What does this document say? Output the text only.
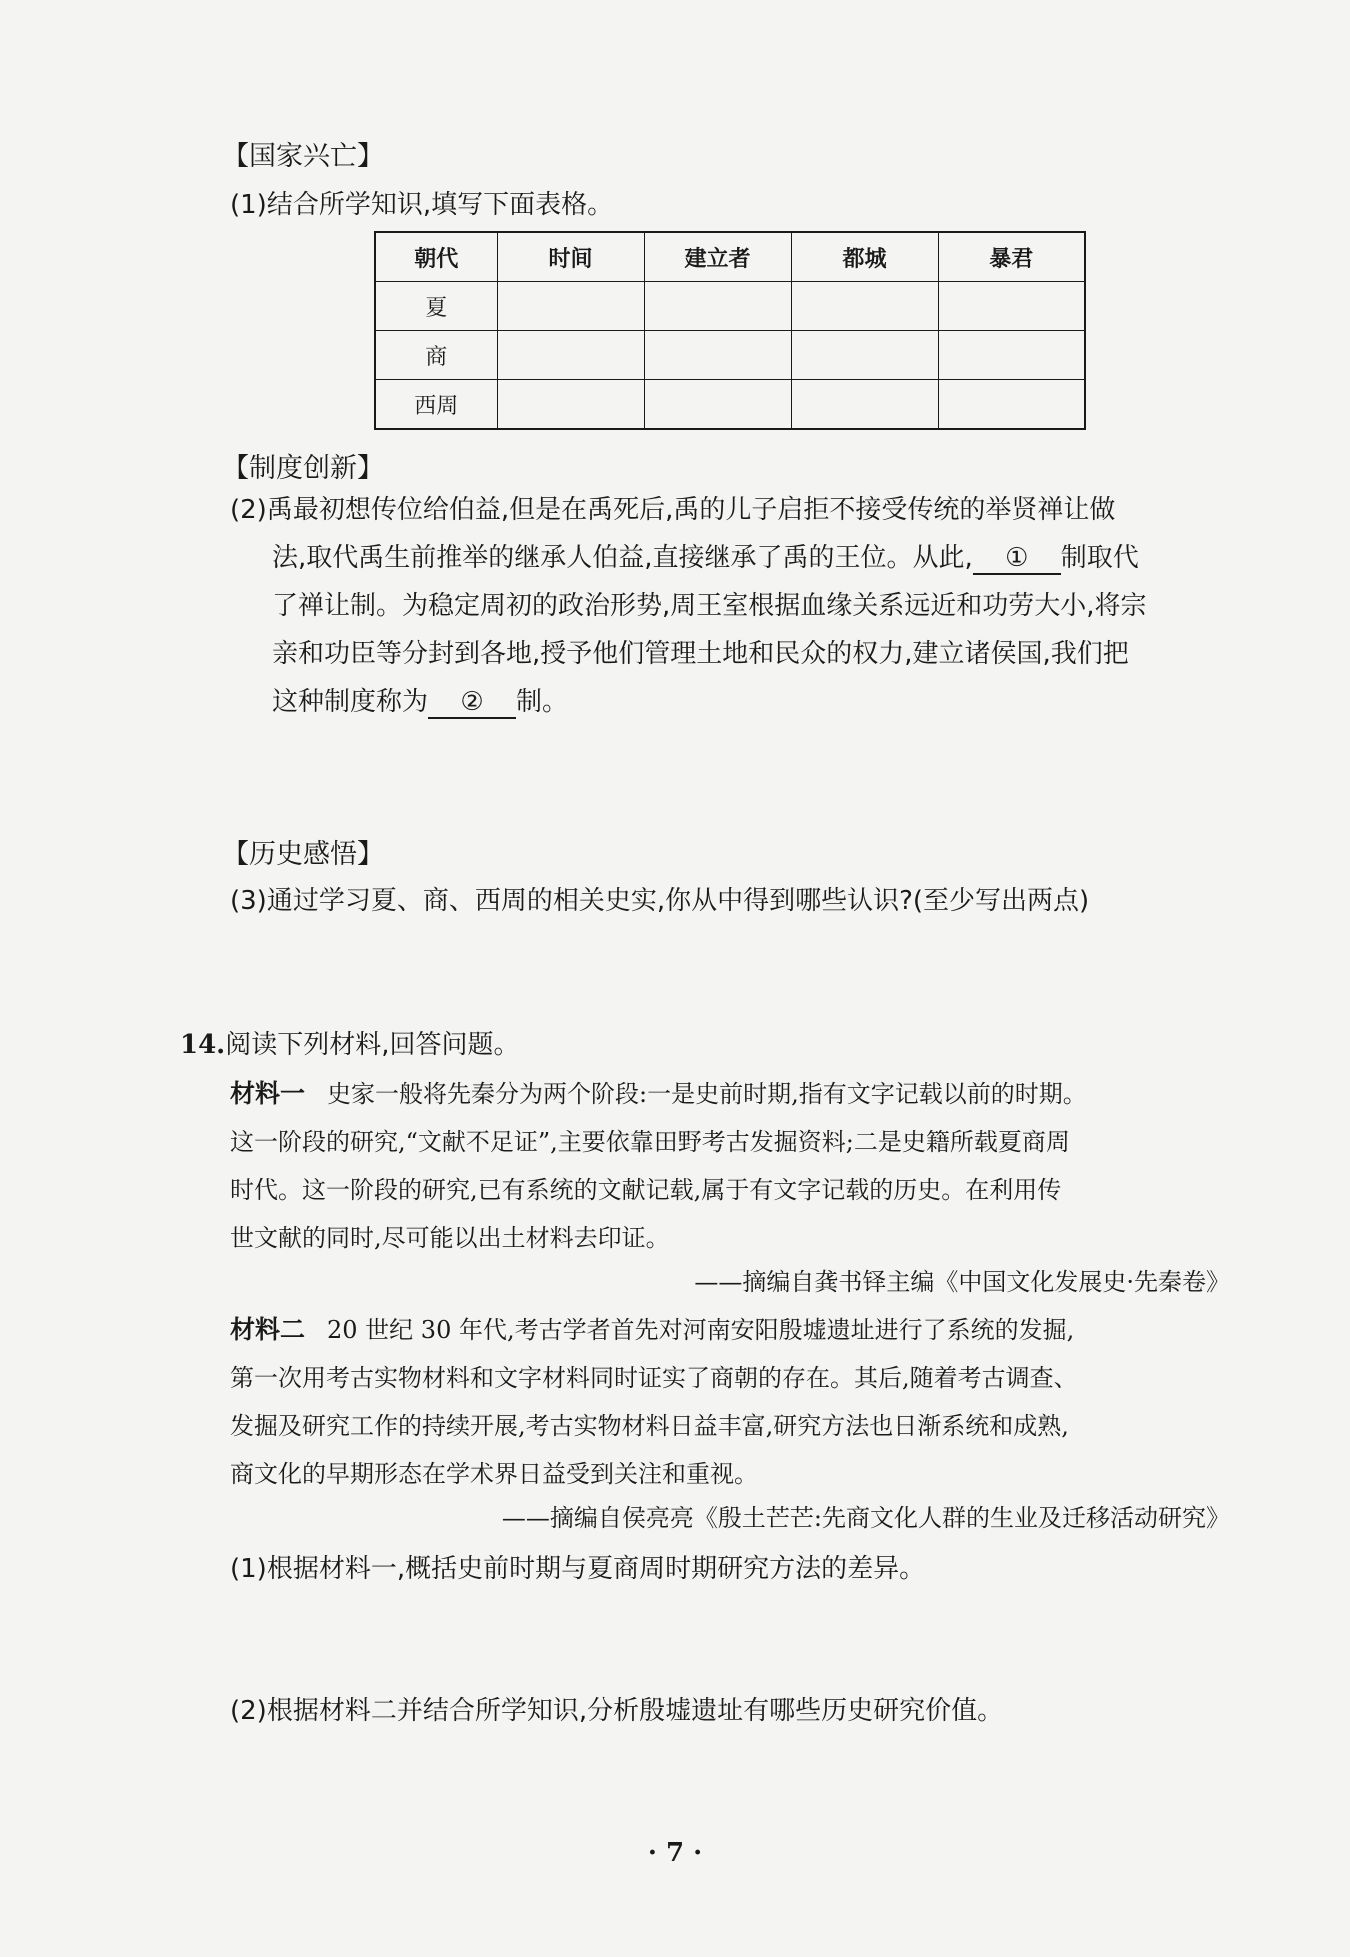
【国家兴亡】
(1)结合所学知识,填写下面表格。
朝代	时间	建立者	都城	暴君
夏				
商				
西周				
【制度创新】
(2)禹最初想传位给伯益,但是在禹死后,禹的儿子启拒不接受传统的举贤禅让做
法,取代禹生前推举的继承人伯益,直接继承了禹的王位。从此, ① 制取代
了禅让制。为稳定周初的政治形势,周王室根据血缘关系远近和功劳大小,将宗
亲和功臣等分封到各地,授予他们管理土地和民众的权力,建立诸侯国,我们把
这种制度称为 ② 制。
【历史感悟】
(3)通过学习夏、商、西周的相关史实,你从中得到哪些认识?(至少写出两点)
14.阅读下列材料,回答问题。
材料一 史家一般将先秦分为两个阶段:一是史前时期,指有文字记载以前的时期。
这一阶段的研究,“文献不足证”,主要依靠田野考古发掘资料;二是史籍所载夏商周
时代。这一阶段的研究,已有系统的文献记载,属于有文字记载的历史。在利用传
世文献的同时,尽可能以出土材料去印证。
——摘编自龚书铎主编《中国文化发展史·先秦卷》
材料二 20 世纪 30 年代,考古学者首先对河南安阳殷墟遗址进行了系统的发掘,
第一次用考古实物材料和文字材料同时证实了商朝的存在。其后,随着考古调查、
发掘及研究工作的持续开展,考古实物材料日益丰富,研究方法也日渐系统和成熟,
商文化的早期形态在学术界日益受到关注和重视。
——摘编自侯亮亮《殷土芒芒:先商文化人群的生业及迁移活动研究》
(1)根据材料一,概括史前时期与夏商周时期研究方法的差异。
(2)根据材料二并结合所学知识,分析殷墟遗址有哪些历史研究价值。
· 7 ·
